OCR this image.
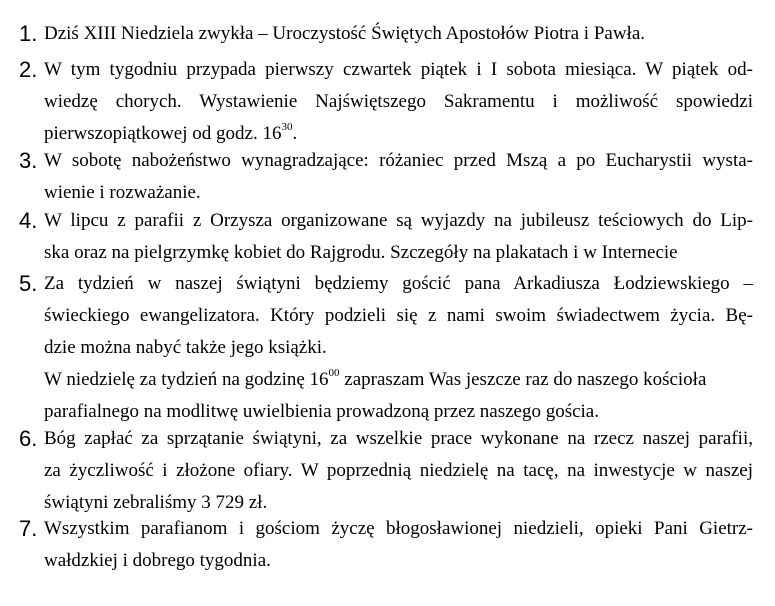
1. Dziś XIII Niedziela zwykła – Uroczystość Świętych Apostołów Piotra i Pawła.
2. W tym tygodniu przypada pierwszy czwartek piątek i I sobota miesiąca. W piątek od-
wiedzę chorych. Wystawienie Najświętszego Sakramentu i możliwość spowiedzi
pierwszopiątkowej od godz. $16^{30}$.
3. W sobotę nabożeństwo wynagradzające: różaniec przed Mszą a po Eucharystii wysta-
wienie i rozważanie.
4. W lipcu z parafii z Orzysza organizowane są wyjazdy na jubileusz teściowych do Lip-
ska oraz na pielgrzymkę kobiet do Rajgrodu. Szczegóły na plakatach i w Internecie
5. Za tydzień w naszej świątyni będziemy gościć pana Arkadiusza Łodziewskiego –
świeckiego ewangelizatora. Który podzieli się z nami swoim świadectwem życia. Bę-
dzie można nabyć także jego książki.
W niedzielę za tydzień na godzinę $16^{00}$ zapraszam Was jeszcze raz do naszego kościoła
parafialnego na modlitwę uwielbienia prowadzoną przez naszego gościa.
6. Bóg zapłać za sprzątanie świątyni, za wszelkie prace wykonane na rzecz naszej parafii,
za życzliwość i złożone ofiary. W poprzednią niedzielę na tacę, na inwestycje w naszej
świątyni zebraliśmy 3 729 zł.
7. Wszystkim parafianom i gościom życzę błogosławionej niedzieli, opieki Pani Gietrz-
wałdzkiej i dobrego tygodnia.
